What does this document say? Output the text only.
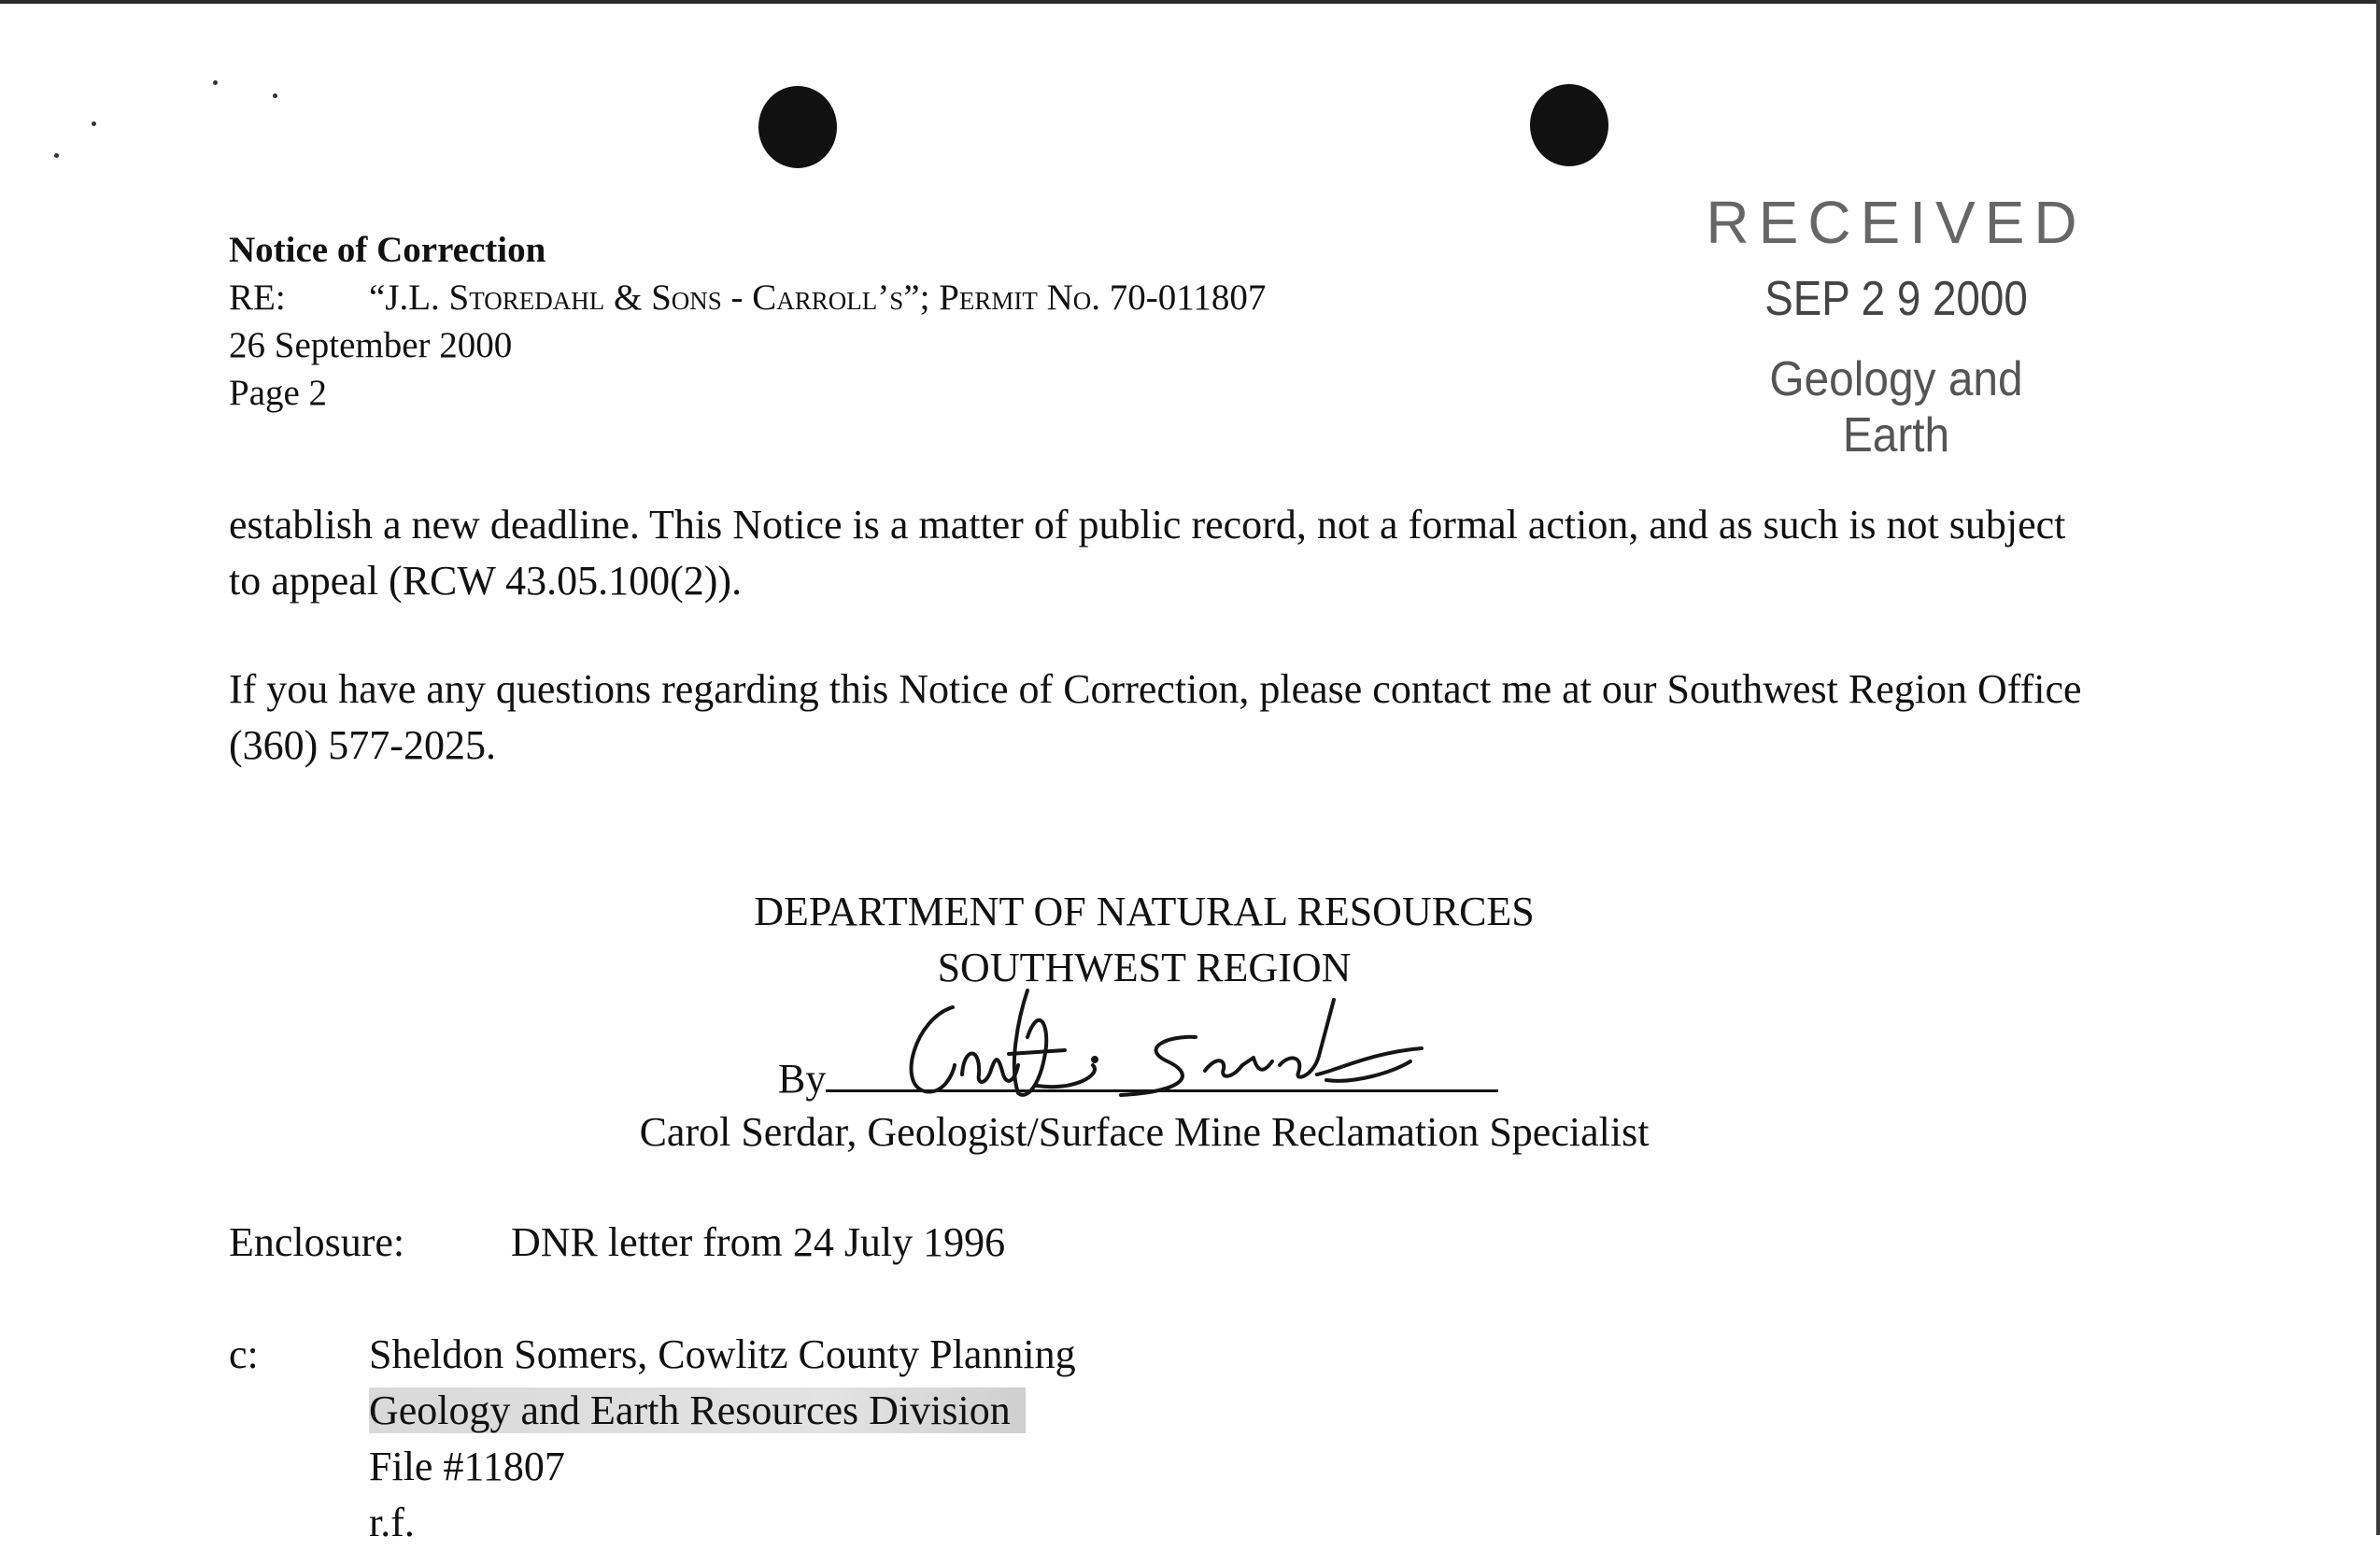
Notice of Correction
RE: “J.L. Storedahl & Sons - Carroll’s”; Permit No. 70-011807
26 September 2000
Page 2
RECEIVED
SEP 2 9 2000
Geology and Earth
establish a new deadline. This Notice is a matter of public record, not a formal action, and as such is not subject to appeal (RCW 43.05.100(2)).
If you have any questions regarding this Notice of Correction, please contact me at our Southwest Region Office (360) 577-2025.
DEPARTMENT OF NATURAL RESOURCES
SOUTHWEST REGION
By
Carol Serdar, Geologist/Surface Mine Reclamation Specialist
Enclosure:	DNR letter from 24 July 1996
c:	Sheldon Somers, Cowlitz County Planning
Geology and Earth Resources Division
File #11807
r.f.
